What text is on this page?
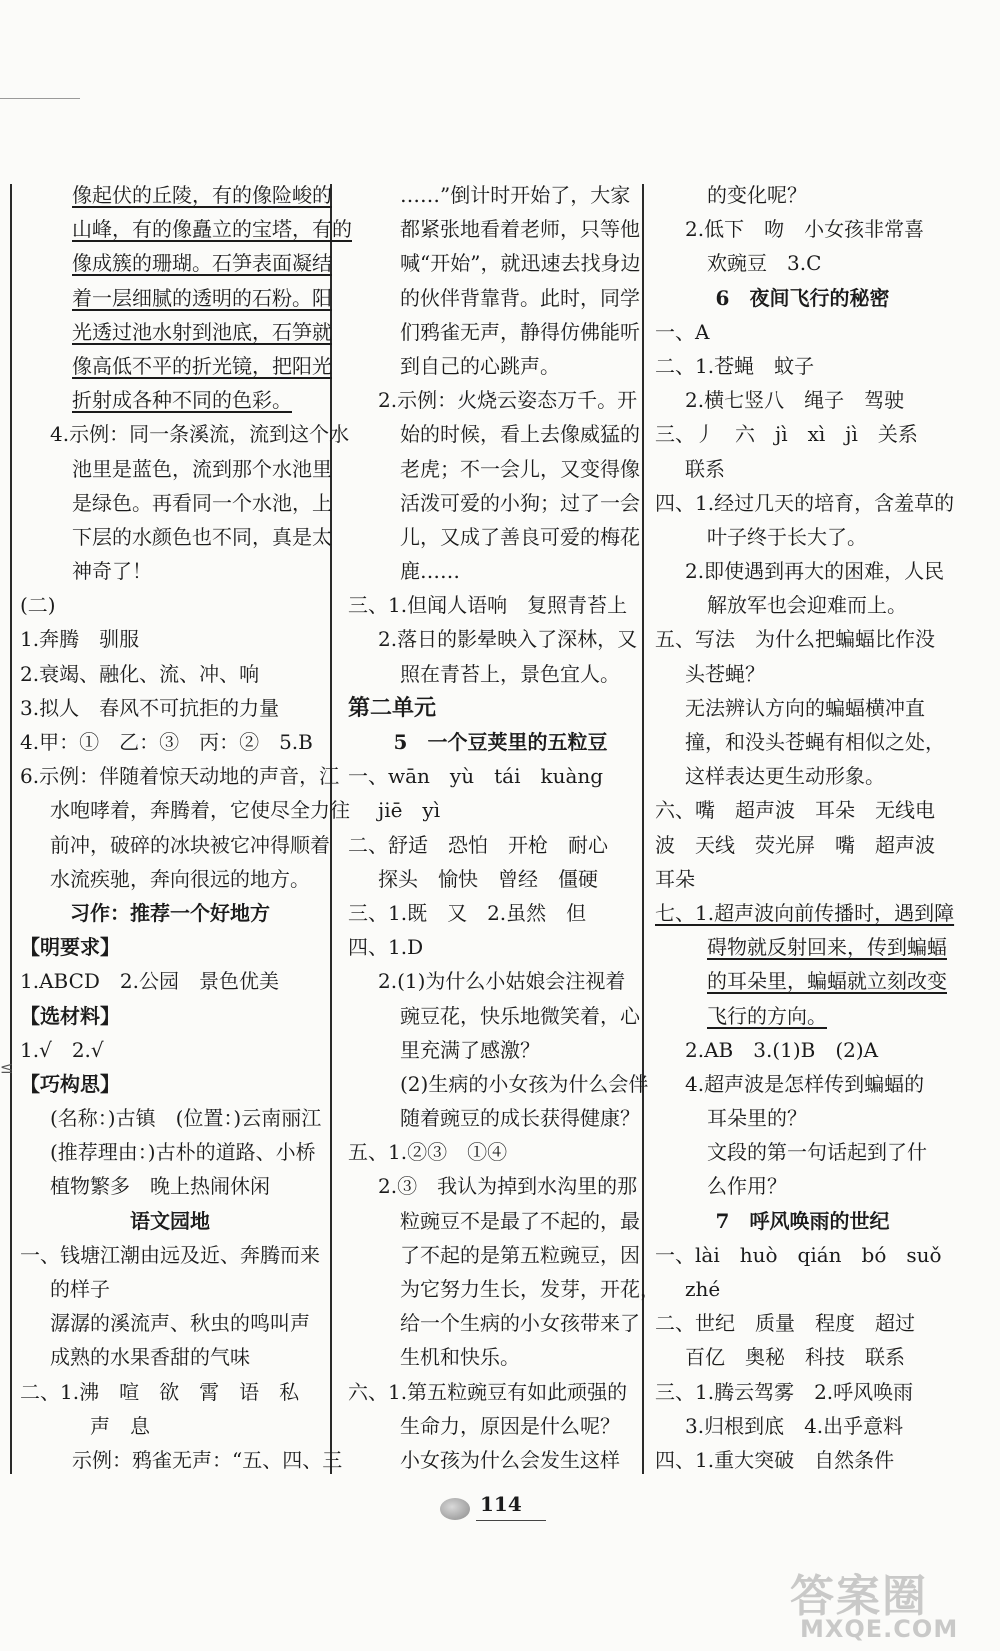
像起伏的丘陵，有的像险峻的
山峰，有的像矗立的宝塔，有的
像成簇的珊瑚。石笋表面凝结
着一层细腻的透明的石粉。阳
光透过池水射到池底，石笋就
像高低不平的折光镜，把阳光
折射成各种不同的色彩。
4.示例：同一条溪流，流到这个水
池里是蓝色，流到那个水池里
是绿色。再看同一个水池，上
下层的水颜色也不同，真是太
神奇了！
(二)
1.奔腾　驯服
2.衰竭、融化、流、冲、响
3.拟人　春风不可抗拒的力量
4.甲：①　乙：③　丙：②　5.B
6.示例：伴随着惊天动地的声音，江
水咆哮着，奔腾着，它使尽全力往
前冲，破碎的冰块被它冲得顺着
水流疾驰，奔向很远的地方。
习作：推荐一个好地方
【明要求】
1.ABCD　2.公园　景色优美
【选材料】
1.√　2.√
【巧构思】
(名称：)古镇　(位置：)云南丽江
(推荐理由：)古朴的道路、小桥
植物繁多　晚上热闹休闲
语文园地
一、钱塘江潮由远及近、奔腾而来
的样子
潺潺的溪流声、秋虫的鸣叫声
成熟的水果香甜的气味
二、1.沸　喧　欲　霄　语　私
声　息
示例：鸦雀无声：“五、四、三
……”倒计时开始了，大家
都紧张地看着老师，只等他
喊“开始”，就迅速去找身边
的伙伴背靠背。此时，同学
们鸦雀无声，静得仿佛能听
到自己的心跳声。
2.示例：火烧云姿态万千。开
始的时候，看上去像威猛的
老虎；不一会儿，又变得像
活泼可爱的小狗；过了一会
儿，又成了善良可爱的梅花
鹿……
三、1.但闻人语响　复照青苔上
2.落日的影晕映入了深林，又
照在青苔上，景色宜人。
第二单元
5　一个豆荚里的五粒豆
一、wān　yù　tái　kuàng
jiē　yì
二、舒适　恐怕　开枪　耐心
探头　愉快　曾经　僵硬
三、1.既　又　2.虽然　但
四、1.D
2.(1)为什么小姑娘会注视着
豌豆花，快乐地微笑着，心
里充满了感激？
(2)生病的小女孩为什么会伴
随着豌豆的成长获得健康？
五、1.②③　①④
2.③　我认为掉到水沟里的那
粒豌豆不是最了不起的，最
了不起的是第五粒豌豆，因
为它努力生长，发芽，开花，
给一个生病的小女孩带来了
生机和快乐。
六、1.第五粒豌豆有如此顽强的
生命力，原因是什么呢？
小女孩为什么会发生这样
的变化呢？
2.低下　吻　小女孩非常喜
欢豌豆　3.C
6　夜间飞行的秘密
一、A
二、1.苍蝇　蚊子
2.横七竖八　绳子　驾驶
三、丿　六　jì　xì　jì　关系
联系
四、1.经过几天的培育，含羞草的
叶子终于长大了。
2.即使遇到再大的困难，人民
解放军也会迎难而上。
五、写法　为什么把蝙蝠比作没
头苍蝇？
无法辨认方向的蝙蝠横冲直
撞，和没头苍蝇有相似之处，
这样表达更生动形象。
六、嘴　超声波　耳朵　无线电
波　天线　荧光屏　嘴　超声波
耳朵
七、1.超声波向前传播时，遇到障
碍物就反射回来，传到蝙蝠
的耳朵里，蝙蝠就立刻改变
飞行的方向。
2.AB　3.(1)B　(2)A
4.超声波是怎样传到蝙蝠的
耳朵里的？
文段的第一句话起到了什
么作用？
7　呼风唤雨的世纪
一、lài　huò　qián　bó　suǒ
zhé
二、世纪　质量　程度　超过
百亿　奥秘　科技　联系
三、1.腾云驾雾　2.呼风唤雨
3.归根到底　4.出乎意料
四、1.重大突破　自然条件
≤
114
答案圈
MXQE.COM
